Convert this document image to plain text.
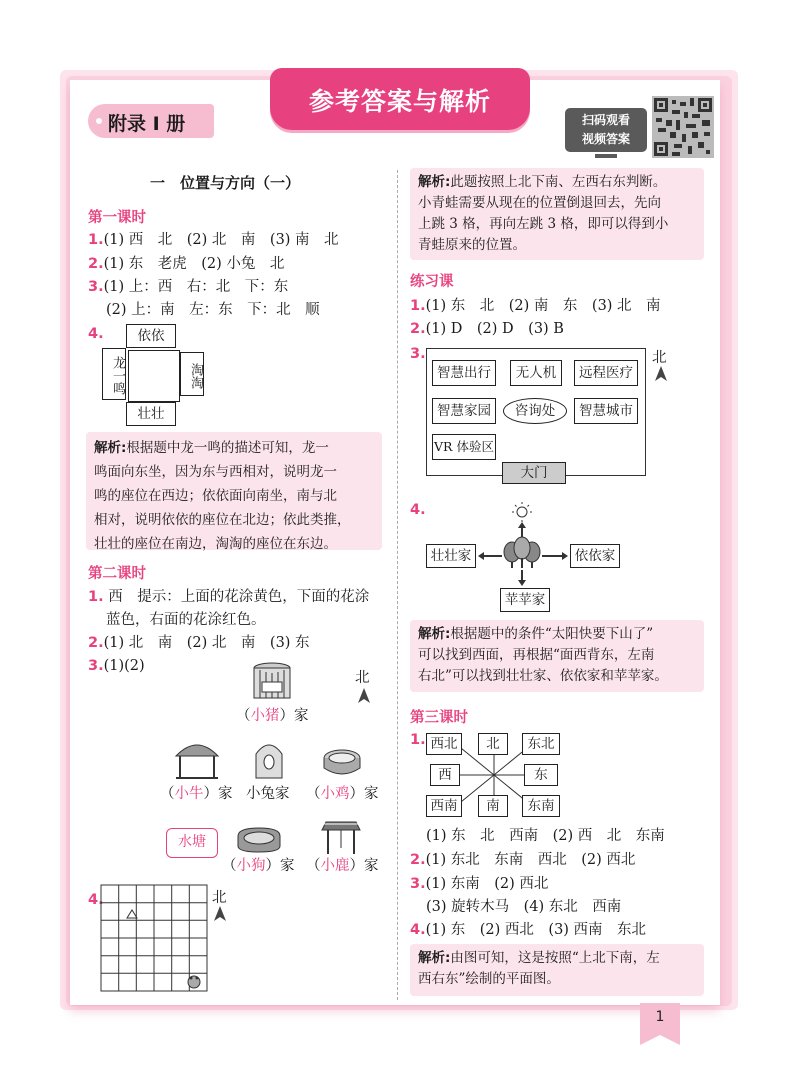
参考答案与解析
附录 Ⅰ 册	扫码观看
视频答案
一　位置与方向（一）
第一课时
1.(1) 西　北　(2) 北　南　(3) 南　北
2.(1) 东　老虎　(2) 小兔　北
3.(1) 上：西　右：北　下：东
(2) 上：南　左：东　下：北　顺
4.	依依
龙一鸣	淘淘
壮壮
解析:根据题中龙一鸣的描述可知，龙一
鸣面向东坐，因为东与西相对，说明龙一
鸣的座位在西边；依依面向南坐，南与北
相对，说明依依的座位在北边；依此类推，
壮壮的座位在南边，淘淘的座位在东边。
第二课时
1. 西　提示：上面的花涂黄色，下面的花涂
蓝色，右面的花涂红色。
2.(1) 北　南　(2) 北　南　(3) 东
3.(1)(2)
北
（小猪）家
（小牛）家 小兔家 （小鸡）家
水塘
（小狗）家 （小鹿）家
4.	北
解析:此题按照上北下南、左西右东判断。
小青蛙需要从现在的位置倒退回去，先向
上跳 3 格，再向左跳 3 格，即可以得到小
青蛙原来的位置。
练习课
1.(1) 东　北　(2) 南　东　(3) 北　南
2.(1) D　(2) D　(3) B
3.
智慧出行	无人机	远程医疗
智慧家园	咨询处	智慧城市
VR 体验区
大门
北
4.
壮壮家	依依家
苹苹家
解析:根据题中的条件“太阳快要下山了”
可以找到西面，再根据“面西背东，左南
右北”可以找到壮壮家、依依家和苹苹家。
第三课时
1. 西北	北	东北
西	东
西南	南	东南
(1) 东　北　西南　(2) 西　北　东南
2.(1) 东北　东南　西北　(2) 西北
3.(1) 东南　(2) 西北
(3) 旋转木马　(4) 东北　西南
4.(1) 东　(2) 西北　(3) 西南　东北
解析:由图可知，这是按照“上北下南，左
西右东”绘制的平面图。
1
